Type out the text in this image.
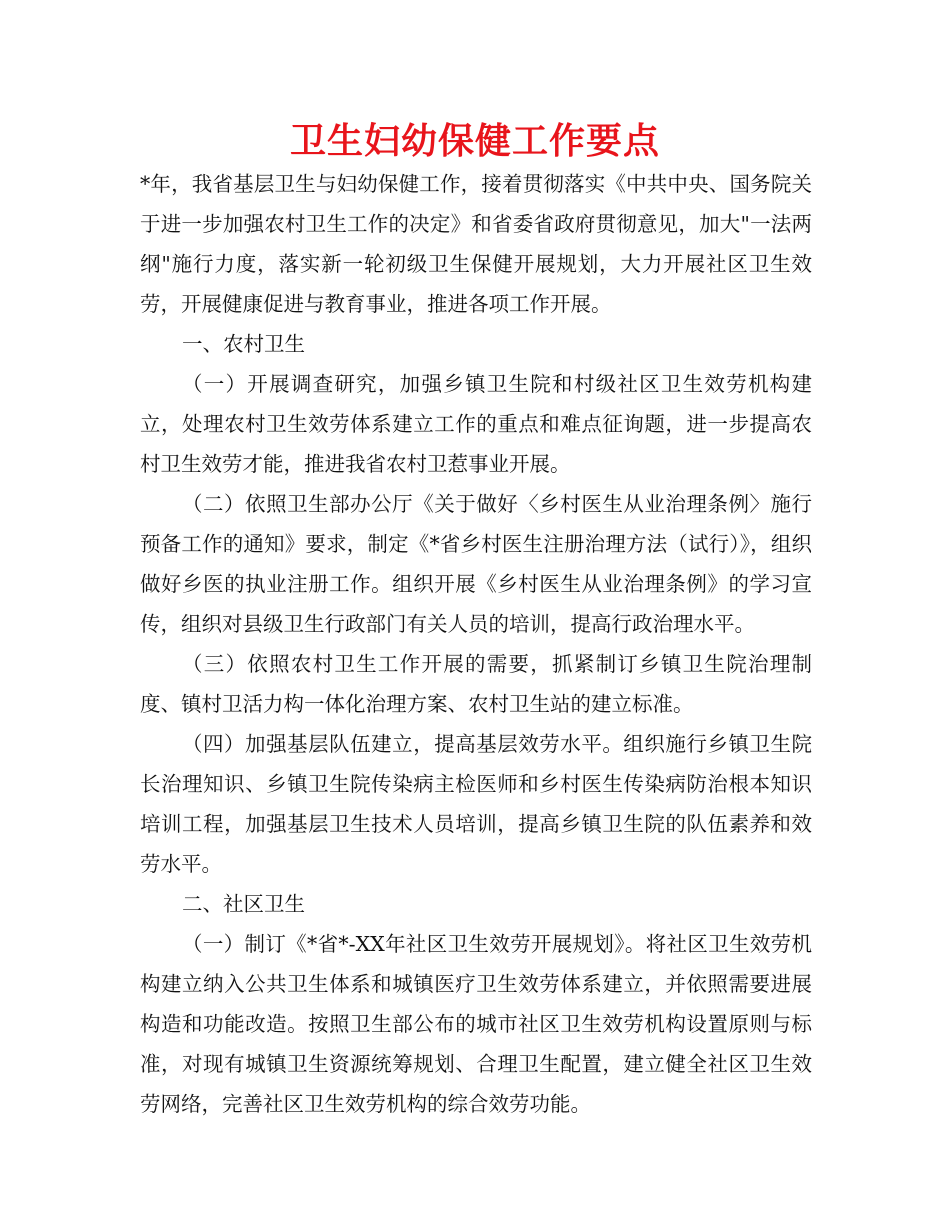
卫生妇幼保健工作要点

*年，我省基层卫生与妇幼保健工作，接着贯彻落实《中共中央、国务院关于进一步加强农村卫生工作的决定》和省委省政府贯彻意见，加大"一法两纲"施行力度，落实新一轮初级卫生保健开展规划，大力开展社区卫生效劳，开展健康促进与教育事业，推进各项工作开展。

一、农村卫生

（一）开展调查研究，加强乡镇卫生院和村级社区卫生效劳机构建立，处理农村卫生效劳体系建立工作的重点和难点征询题，进一步提高农村卫生效劳才能，推进我省农村卫惹事业开展。

（二）依照卫生部办公厅《关于做好〈乡村医生从业治理条例〉施行预备工作的通知》要求，制定《*省乡村医生注册治理方法（试行）》，组织做好乡医的执业注册工作。组织开展《乡村医生从业治理条例》的学习宣传，组织对县级卫生行政部门有关人员的培训，提高行政治理水平。

（三）依照农村卫生工作开展的需要，抓紧制订乡镇卫生院治理制度、镇村卫活力构一体化治理方案、农村卫生站的建立标准。

（四）加强基层队伍建立，提高基层效劳水平。组织施行乡镇卫生院长治理知识、乡镇卫生院传染病主检医师和乡村医生传染病防治根本知识培训工程，加强基层卫生技术人员培训，提高乡镇卫生院的队伍素养和效劳水平。

二、社区卫生

（一）制订《*省*-XX年社区卫生效劳开展规划》。将社区卫生效劳机构建立纳入公共卫生体系和城镇医疗卫生效劳体系建立，并依照需要进展构造和功能改造。按照卫生部公布的城市社区卫生效劳机构设置原则与标准，对现有城镇卫生资源统筹规划、合理卫生配置，建立健全社区卫生效劳网络，完善社区卫生效劳机构的综合效劳功能。
